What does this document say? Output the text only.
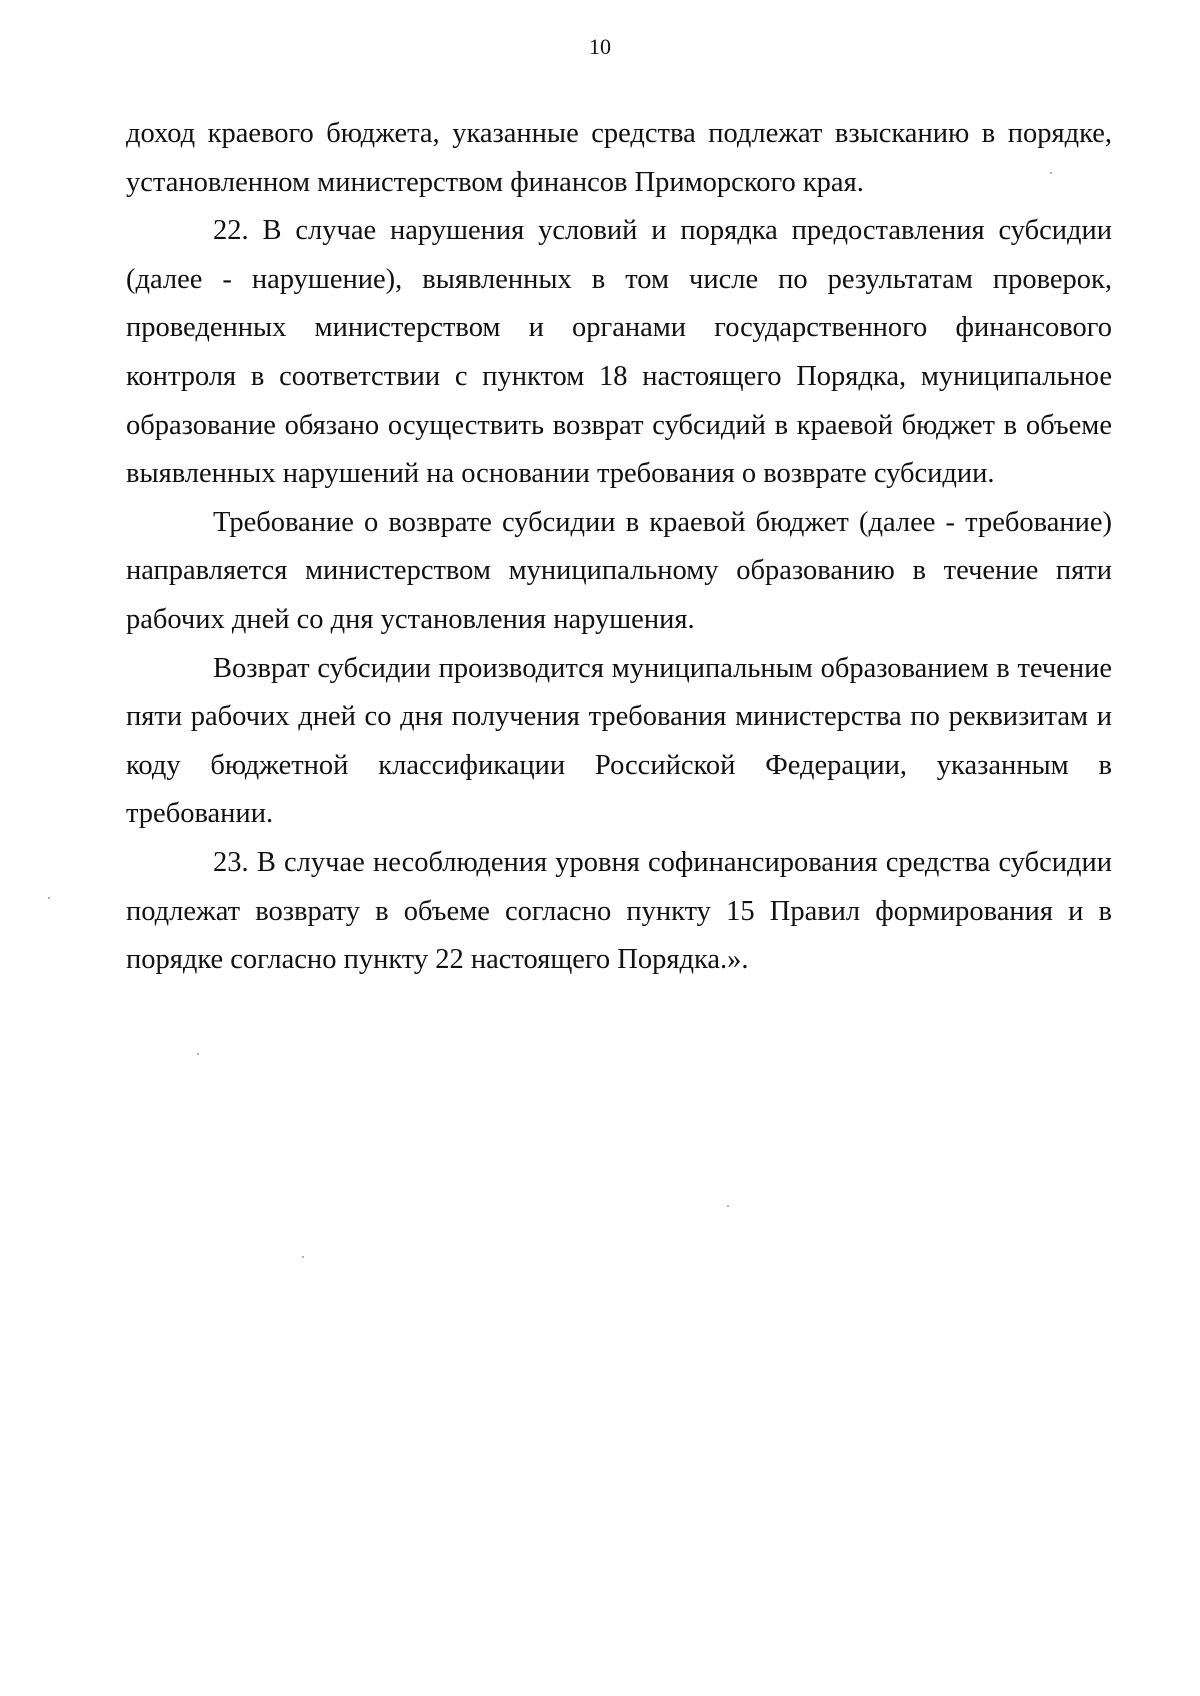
10

доход краевого бюджета, указанные средства подлежат взысканию в порядке, установленном министерством финансов Приморского края.

22. В случае нарушения условий и порядка предоставления субсидии (далее - нарушение), выявленных в том числе по результатам проверок, проведенных министерством и органами государственного финансового контроля в соответствии с пунктом 18 настоящего Порядка, муниципальное образование обязано осуществить возврат субсидий в краевой бюджет в объеме выявленных нарушений на основании требования о возврате субсидии.

Требование о возврате субсидии в краевой бюджет (далее - требование) направляется министерством муниципальному образованию в течение пяти рабочих дней со дня установления нарушения.

Возврат субсидии производится муниципальным образованием в течение пяти рабочих дней со дня получения требования министерства по реквизитам и коду бюджетной классификации Российской Федерации, указанным в требовании.

23. В случае несоблюдения уровня софинансирования средства субсидии подлежат возврату в объеме согласно пункту 15 Правил формирования и в порядке согласно пункту 22 настоящего Порядка.».
